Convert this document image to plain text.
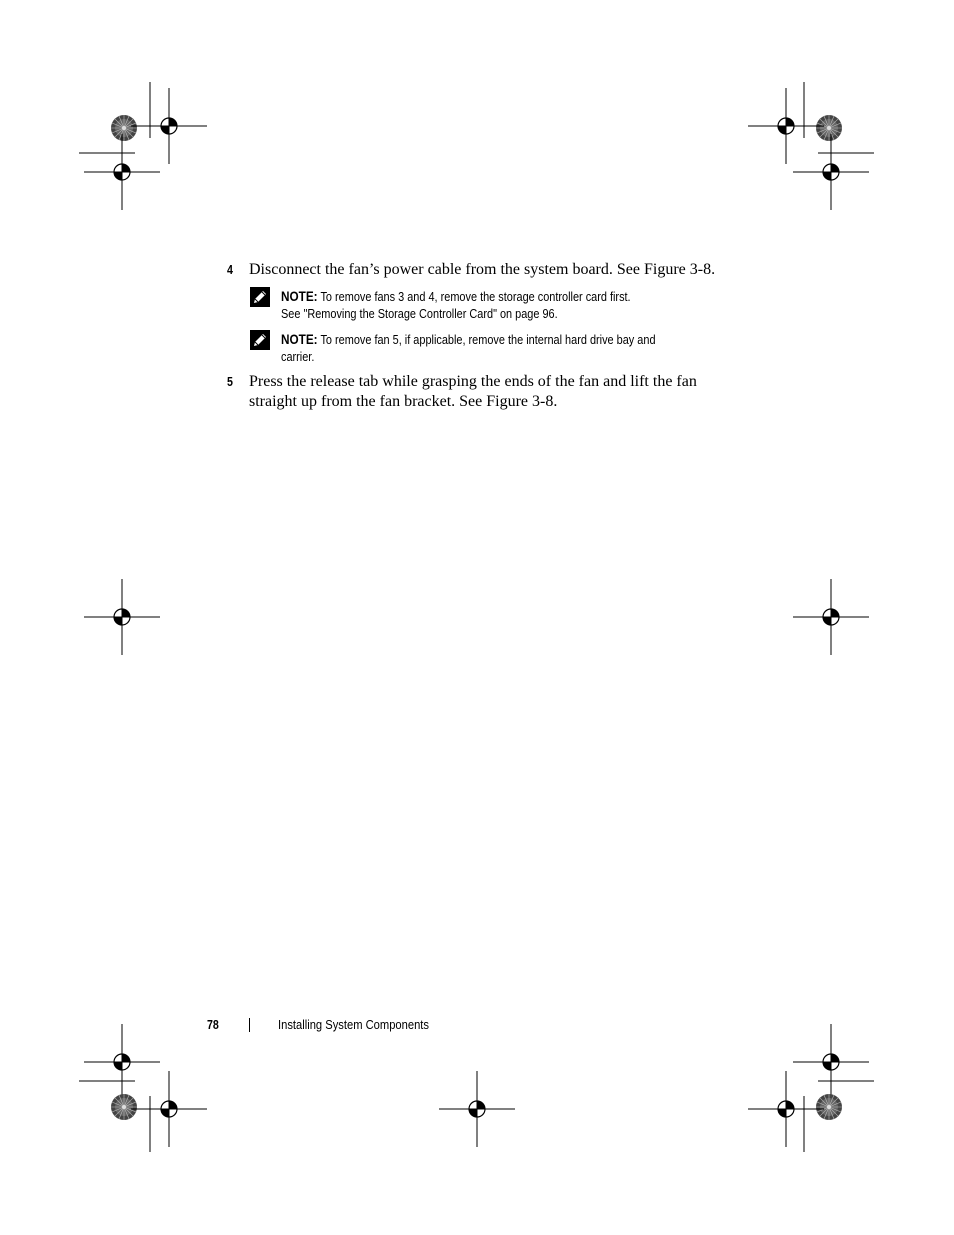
4 Disconnect the fan’s power cable from the system board. See Figure 3-8.
NOTE: To remove fans 3 and 4, remove the storage controller card first.
See "Removing the Storage Controller Card" on page 96.
NOTE: To remove fan 5, if applicable, remove the internal hard drive bay and
carrier.
5 Press the release tab while grasping the ends of the fan and lift the fan straight up from the fan bracket. See Figure 3-8.
78	Installing System Components
